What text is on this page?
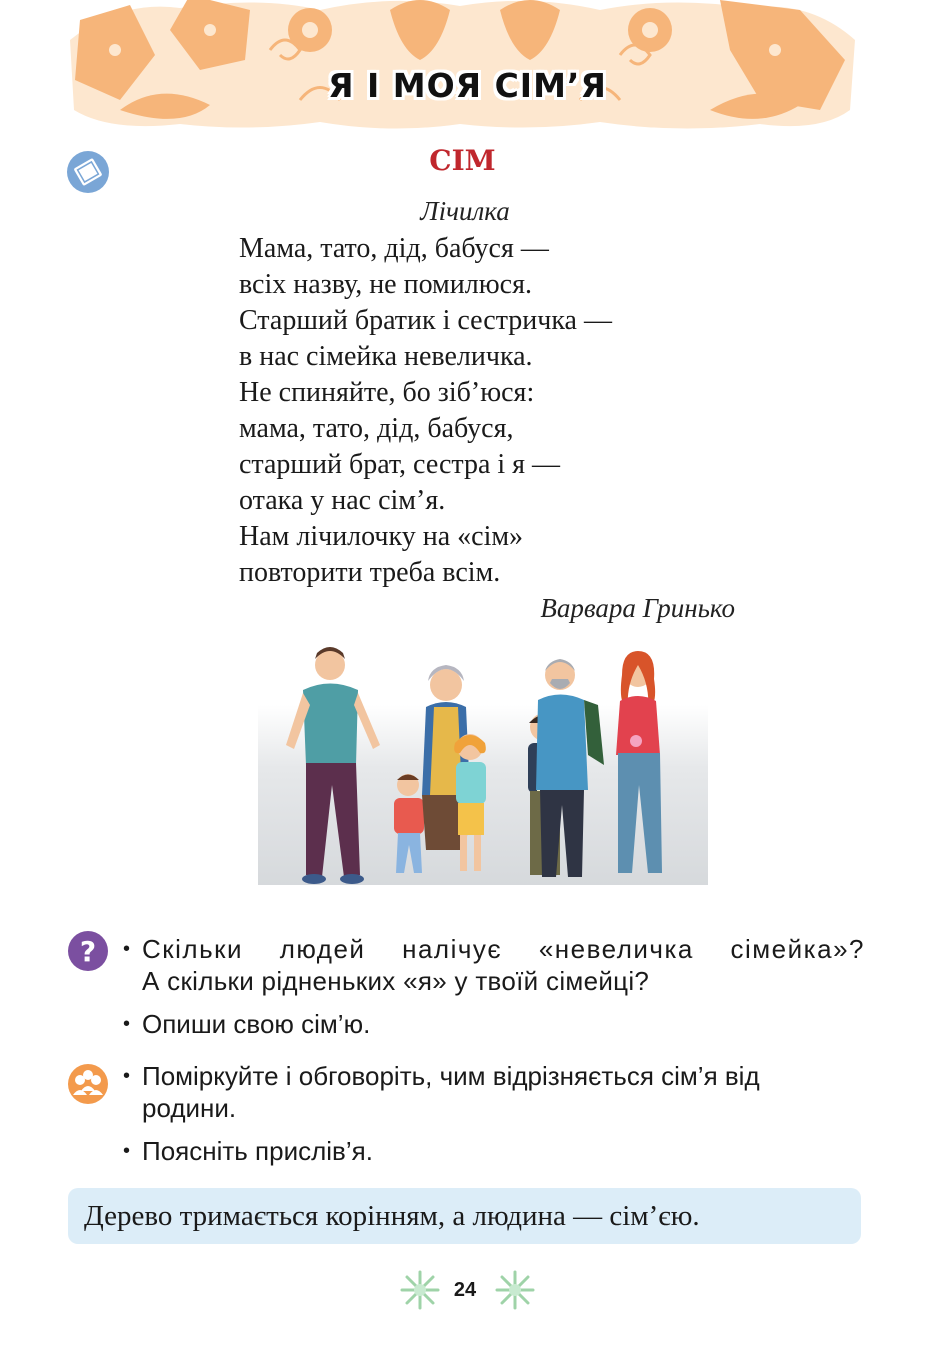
Я І МОЯ СІМ’Я
СІМ
Лічилка
Мама, тато, дід, бабуся —
всіх назву, не помилюся.
Старший братик і сестричка —
в нас сімейка невеличка.
Не спиняйте, бо зіб’юся:
мама, тато, дід, бабуся,
старший брат, сестра і я —
отака у нас сім’я.
Нам лічилочку на «сім»
повторити треба всім.
Варвара Гринько
?
• Скільки людей налічує «невеличка сімейка»?
А скільки рідненьких «я» у твоїй сімейці?
• Опиши свою сім’ю.
• Поміркуйте і обговоріть, чим відрізняється сім’я від
родини.
• Поясніть прислів’я.
Дерево тримається корінням, а людина — сім’єю.
24
